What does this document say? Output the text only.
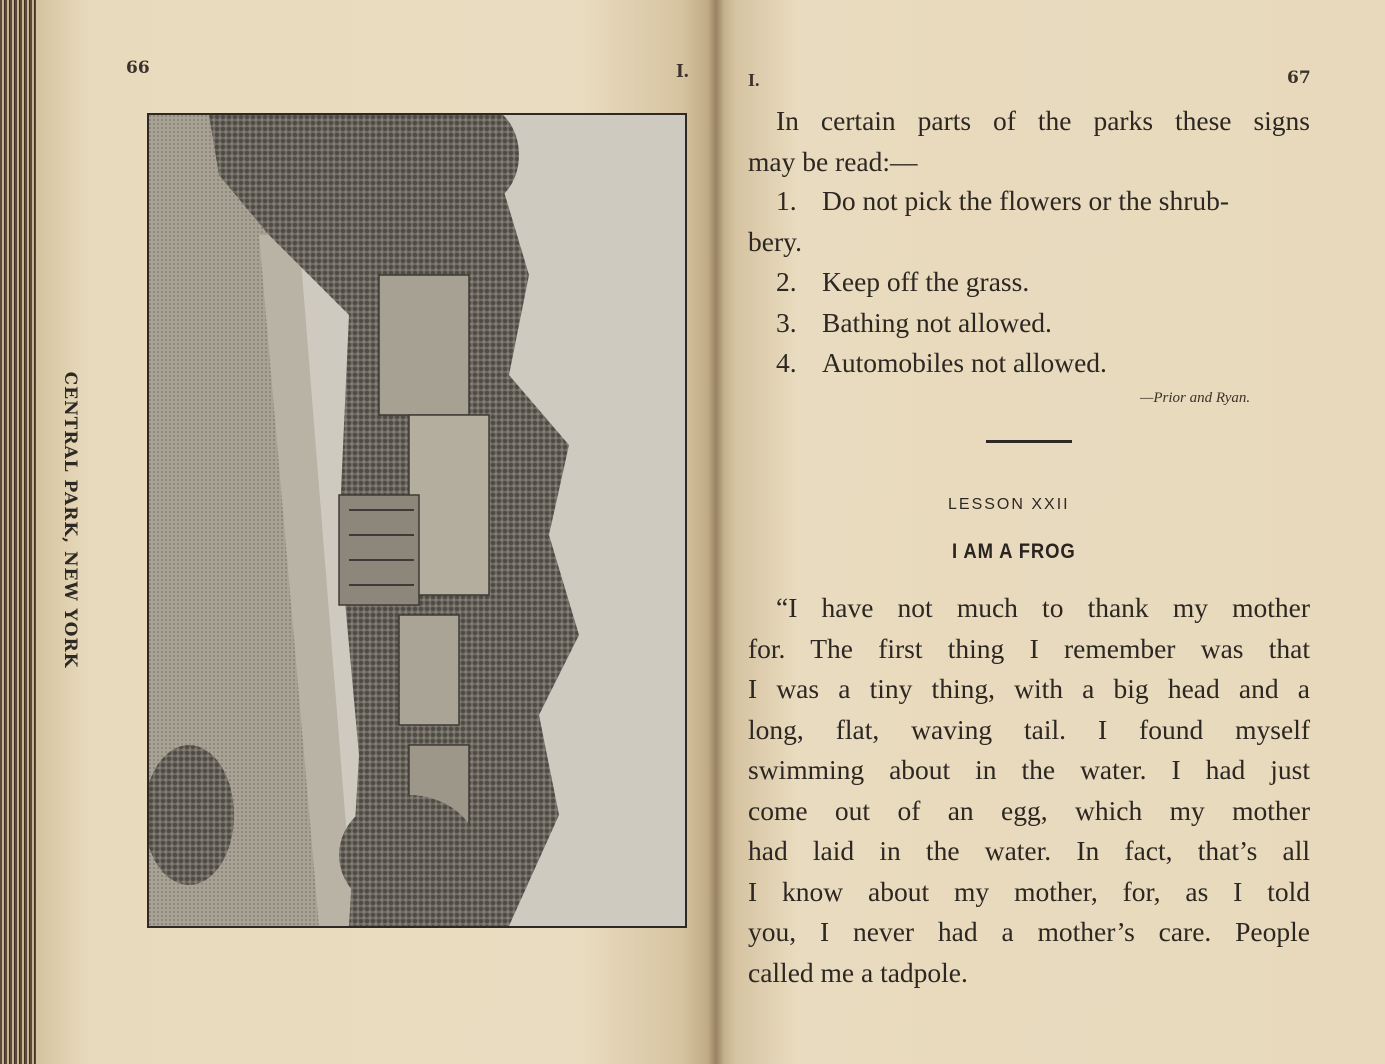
66	I.
CENTRAL PARK, NEW YORK
I.	67
In certain parts of the parks these signs
may be read:—
1. Do not pick the flowers or the shrub-
bery.
2. Keep off the grass.
3. Bathing not allowed.
4. Automobiles not allowed.
—Prior and Ryan.
LESSON XXII
I AM A FROG
“I have not much to thank my mother
for. The first thing I remember was that
I was a tiny thing, with a big head and a
long, flat, waving tail. I found myself
swimming about in the water. I had just
come out of an egg, which my mother
had laid in the water. In fact, that’s all
I know about my mother, for, as I told
you, I never had a mother’s care. People
called me a tadpole.
